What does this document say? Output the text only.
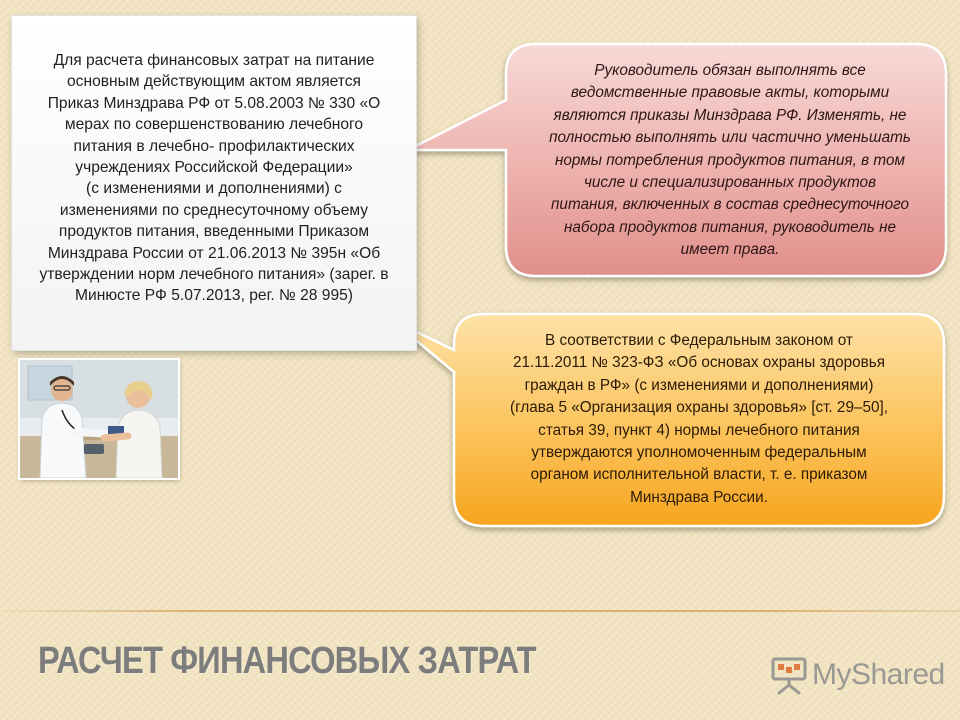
Для расчета финансовых затрат на питание

основным действующим актом является

Приказ Минздрава РФ от 5.08.2003 № 330 «О

мерах по совершенствованию лечебного

питания в лечебно- профилактических

учреждениях Российской Федерации»

(с изменениями и дополнениями) с

изменениями по среднесуточному объему

продуктов питания, введенными Приказом

Минздрава России от 21.06.2013 № 395н «Об

утверждении норм лечебного питания» (зарег. в

Минюсте РФ 5.07.2013, рег. № 28 995)

Руководитель обязан выполнять все
ведомственные правовые акты, которыми
являются приказы Минздрава РФ. Изменять, не
полностью выполнять или частично уменьшать
нормы потребления продуктов питания, в том
числе и специализированных продуктов
питания, включенных в состав среднесуточного
набора продуктов питания, руководитель не
имеет права.
В соответствии с Федеральным законом от
21.11.2011 № 323-ФЗ «Об основах охраны здоровья
граждан в РФ» (с изменениями и дополнениями)
(глава 5 «Организация охраны здоровья» [ст. 29–50],
статья 39, пункт 4) нормы лечебного питания
утверждаются уполномоченным федеральным
органом исполнительной власти, т. е. приказом
Минздрава России.
РАСЧЕТ ФИНАНСОВЫХ ЗАТРАТ	MyShared
